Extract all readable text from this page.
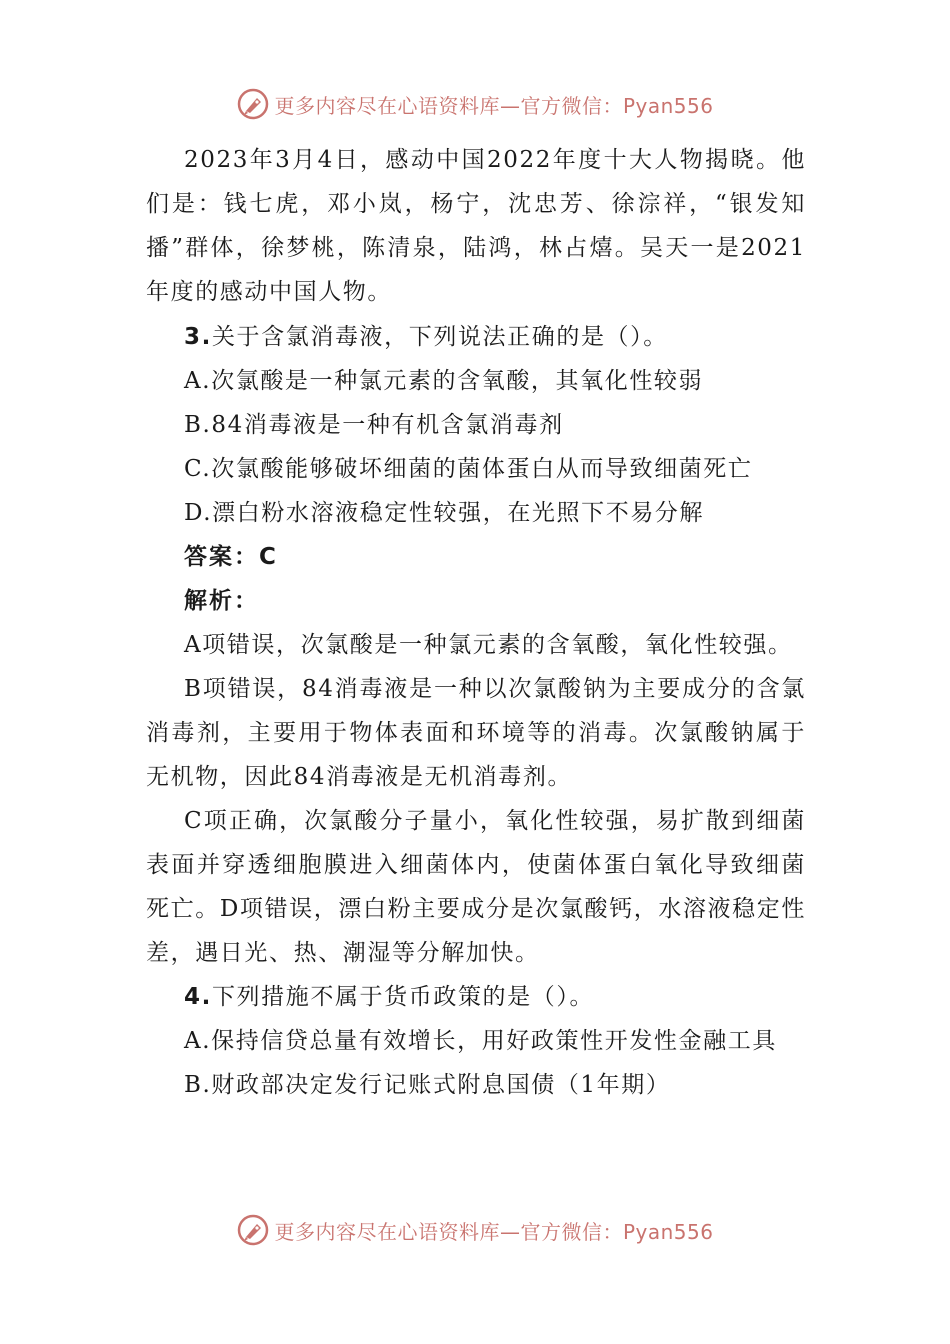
更多内容尽在心语资料库—官方微信：Pyan556

2023年3月4日，感动中国2022年度十大人物揭晓。他们是：钱七虎，邓小岚，杨宁，沈忠芳、徐淙祥，“银发知播”群体，徐梦桃，陈清泉，陆鸿，林占熺。吴天一是2021年度的感动中国人物。

3.关于含氯消毒液，下列说法正确的是（）。

A.次氯酸是一种氯元素的含氧酸，其氧化性较弱

B.84消毒液是一种有机含氯消毒剂

C.次氯酸能够破坏细菌的菌体蛋白从而导致细菌死亡

D.漂白粉水溶液稳定性较强，在光照下不易分解

答案：C

解析：

A项错误，次氯酸是一种氯元素的含氧酸，氧化性较强。

B项错误，84消毒液是一种以次氯酸钠为主要成分的含氯消毒剂，主要用于物体表面和环境等的消毒。次氯酸钠属于无机物，因此84消毒液是无机消毒剂。

C项正确，次氯酸分子量小，氧化性较强，易扩散到细菌表面并穿透细胞膜进入细菌体内，使菌体蛋白氧化导致细菌死亡。D项错误，漂白粉主要成分是次氯酸钙，水溶液稳定性差，遇日光、热、潮湿等分解加快。

4.下列措施不属于货币政策的是（）。

A.保持信贷总量有效增长，用好政策性开发性金融工具

B.财政部决定发行记账式附息国债（1年期）

更多内容尽在心语资料库—官方微信：Pyan556
